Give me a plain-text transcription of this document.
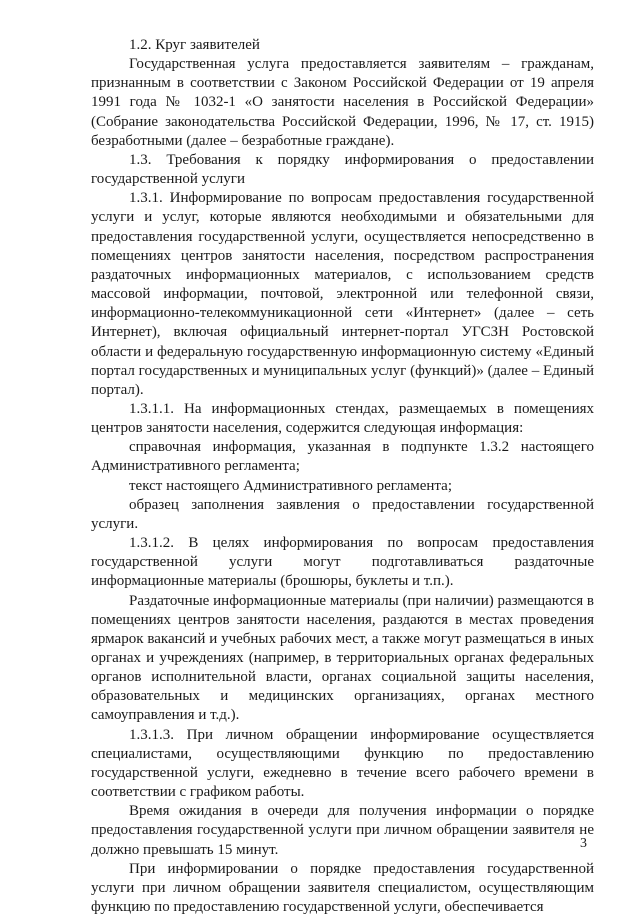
1.2. Круг заявителей

Государственная услуга предоставляется заявителям – гражданам, признанным в соответствии с Законом Российской Федерации от 19 апреля 1991 года № 1032-1 «О занятости населения в Российской Федерации» (Собрание законодательства Российской Федерации, 1996, № 17, ст. 1915) безработными (далее – безработные граждане).

1.3. Требования к порядку информирования о предоставлении государственной услуги

1.3.1. Информирование по вопросам предоставления государственной услуги и услуг, которые являются необходимыми и обязательными для предоставления государственной услуги, осуществляется непосредственно в помещениях центров занятости населения, посредством распространения раздаточных информационных материалов, с использованием средств массовой информации, почтовой, электронной или телефонной связи, информационно-телекоммуникационной сети «Интернет» (далее – сеть Интернет), включая официальный интернет-портал УГСЗН Ростовской области и федеральную государственную информационную систему «Единый портал государственных и муниципальных услуг (функций)» (далее – Единый портал).

1.3.1.1. На информационных стендах, размещаемых в помещениях центров занятости населения, содержится следующая информация:

справочная информация, указанная в подпункте 1.3.2 настоящего Административного регламента;

текст настоящего Административного регламента;

образец заполнения заявления о предоставлении государственной услуги.

1.3.1.2. В целях информирования по вопросам предоставления государственной услуги могут подготавливаться раздаточные информационные материалы (брошюры, буклеты и т.п.).

Раздаточные информационные материалы (при наличии) размещаются в помещениях центров занятости населения, раздаются в местах проведения ярмарок вакансий и учебных рабочих мест, а также могут размещаться в иных органах и учреждениях (например, в территориальных органах федеральных органов исполнительной власти, органах социальной защиты населения, образовательных и медицинских организациях, органах местного самоуправления и т.д.).

1.3.1.3. При личном обращении информирование осуществляется специалистами, осуществляющими функцию по предоставлению государственной услуги, ежедневно в течение всего рабочего времени в соответствии с графиком работы.

Время ожидания в очереди для получения информации о порядке предоставления государственной услуги при личном обращении заявителя не должно превышать 15 минут.

При информировании о порядке предоставления государственной услуги при личном обращении заявителя специалистом, осуществляющим функцию по предоставлению государственной услуги, обеспечивается

3
